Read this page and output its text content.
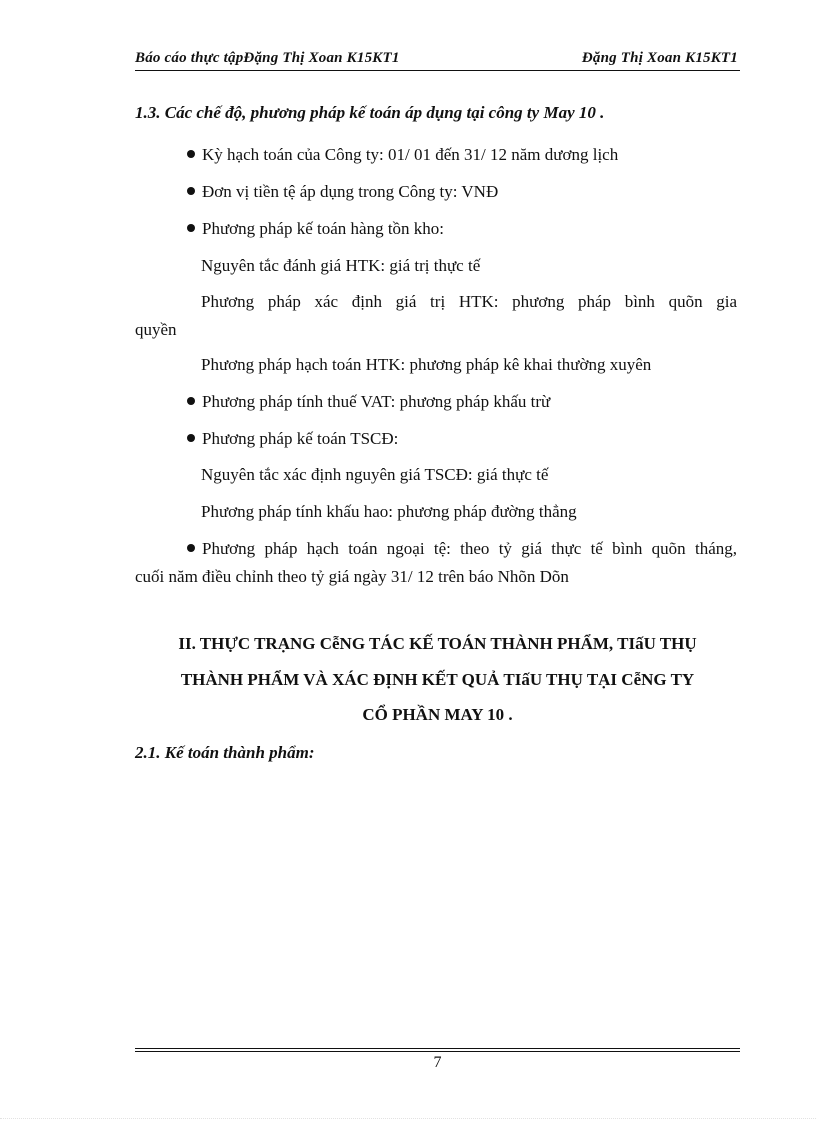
Báo cáo thực tậpĐặng Thị Xoan K15KT1	Đặng Thị Xoan K15KT1
1.3. Các chế độ, phương pháp kế toán áp dụng tại công ty May 10 .
Kỳ hạch toán của Công ty: 01/ 01 đến 31/ 12 năm dương lịch
Đơn vị tiền tệ áp dụng trong Công ty: VNĐ
Phương pháp kế toán hàng tồn kho:
Nguyên tắc đánh giá HTK: giá trị thực tế
Phương pháp xác định giá trị HTK: phương pháp bình quõn gia
quyền
Phương pháp hạch toán HTK: phương pháp kê khai thường xuyên
Phương pháp tính thuế VAT: phương pháp khấu trừ
Phương pháp kế toán TSCĐ:
Nguyên tắc xác định nguyên giá TSCĐ: giá thực tế
Phương pháp tính khấu hao: phương pháp đường thẳng
Phương pháp hạch toán ngoại tệ: theo tỷ giá thực tế bình quõn tháng,
cuối năm điều chỉnh theo tỷ giá ngày 31/ 12 trên báo Nhõn Dõn
II. THỰC TRẠNG CễNG TÁC KẾ TOÁN THÀNH PHẨM, TIấU THỤ
THÀNH PHẨM VÀ XÁC ĐỊNH KẾT QUẢ TIấU THỤ TẠI CễNG TY
CỔ PHẦN MAY 10 .
2.1. Kế toán thành phẩm:
7
